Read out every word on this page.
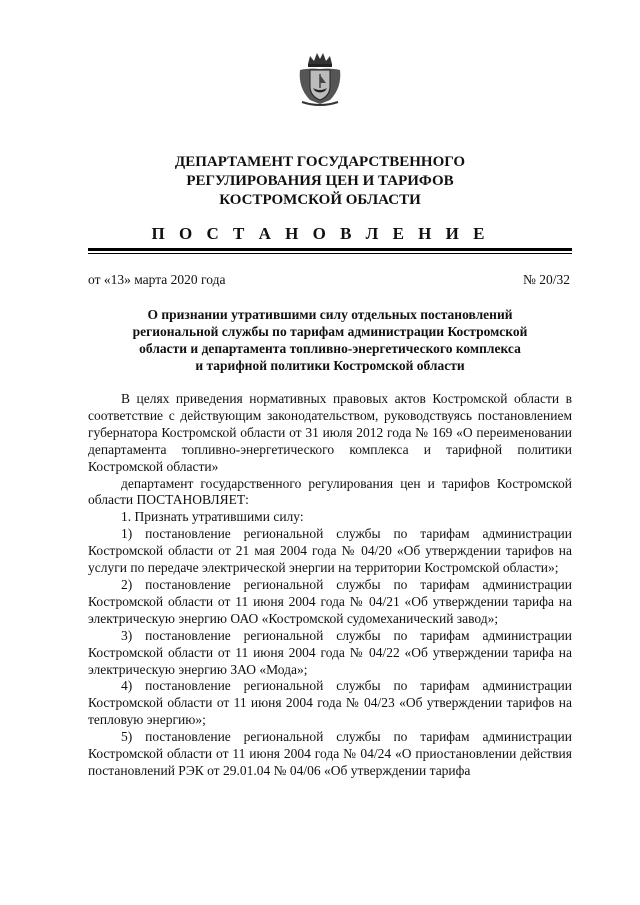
ДЕПАРТАМЕНТ ГОСУДАРСТВЕННОГО
РЕГУЛИРОВАНИЯ ЦЕН И ТАРИФОВ
КОСТРОМСКОЙ ОБЛАСТИ
П О С Т А Н О В Л Е Н И Е
от «13» марта 2020 года	№ 20/32
О признании утратившими силу отдельных постановлений
региональной службы по тарифам администрации Костромской
области и департамента топливно-энергетического комплекса
и тарифной политики Костромской области

В целях приведения нормативных правовых актов Костромской области в соответствие с действующим законодательством, руководствуясь постановлением губернатора Костромской области от 31 июля 2012 года № 169 «О переименовании департамента топливно-энергетического комплекса и тарифной политики Костромской области»

департамент государственного регулирования цен и тарифов Костромской области ПОСТАНОВЛЯЕТ:

1. Признать утратившими силу:

1) постановление региональной службы по тарифам администрации Костромской области от 21 мая 2004 года № 04/20 «Об утверждении тарифов на услуги по передаче электрической энергии на территории Костромской области»;

2) постановление региональной службы по тарифам администрации Костромской области от 11 июня 2004 года № 04/21 «Об утверждении тарифа на электрическую энергию ОАО «Костромской судомеханический завод»;

3) постановление региональной службы по тарифам администрации Костромской области от 11 июня 2004 года № 04/22 «Об утверждении тарифа на электрическую энергию ЗАО «Мода»;

4) постановление региональной службы по тарифам администрации Костромской области от 11 июня 2004 года № 04/23 «Об утверждении тарифов на тепловую энергию»;

5) постановление региональной службы по тарифам администрации Костромской области от 11 июня 2004 года № 04/24 «О приостановлении действия постановлений РЭК от 29.01.04 № 04/06 «Об утверждении тарифа
